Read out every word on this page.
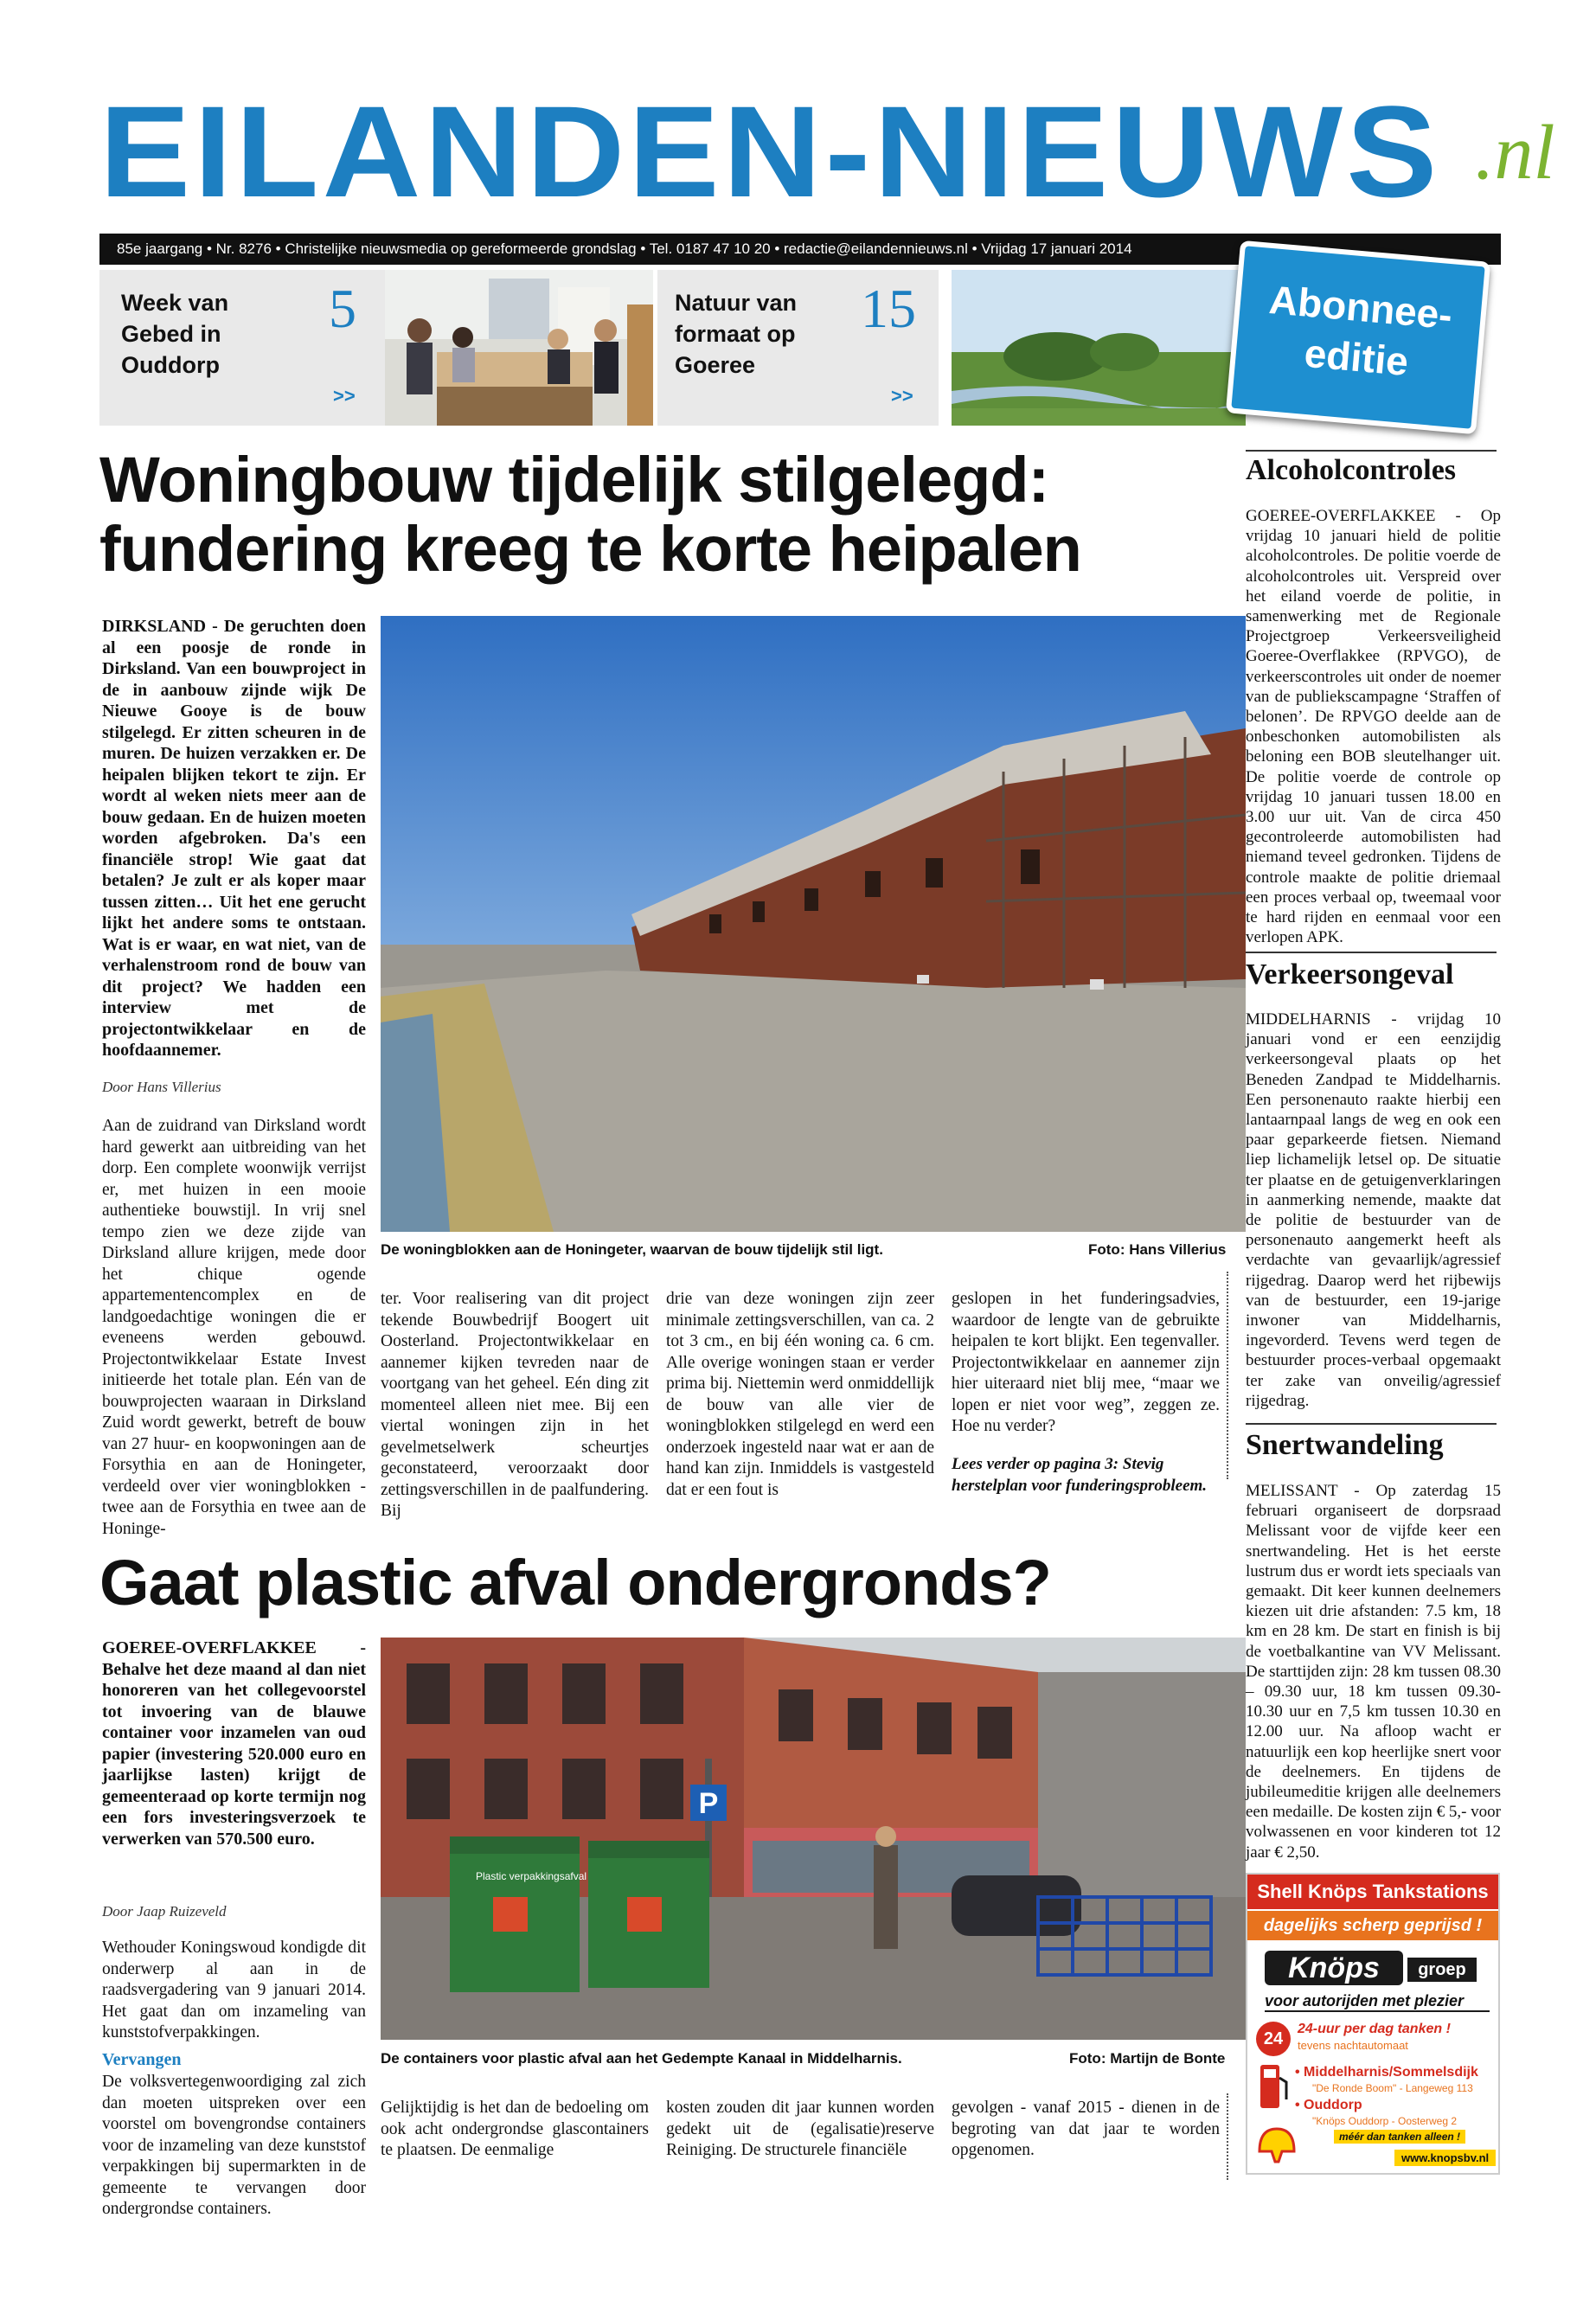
EILANDEN-NIEUWS .nl
85e jaargang • Nr. 8276 • Christelijke nieuwsmedia op gereformeerde grondslag • Tel. 0187 47 10 20 • redactie@eilandennieuws.nl • Vrijdag 17 januari 2014
Week van
Gebed in
Ouddorp
5
>>
Natuur van
formaat op
Goeree
15
>>
Abonnee-
editie
Woningbouw tijdelijk stilgelegd:
fundering kreeg te korte heipalen
DIRKSLAND - De geruchten doen al een poosje de ronde in Dirksland. Van een bouwproject in de in aanbouw zijnde wijk De Nieuwe Gooye is de bouw stilgelegd. Er zitten scheuren in de muren. De huizen verzakken er. De heipalen blijken tekort te zijn. Er wordt al weken niets meer aan de bouw gedaan. En de huizen moeten worden afgebroken. Da's een financiële strop! Wie gaat dat betalen? Je zult er als koper maar tussen zitten… Uit het ene gerucht lijkt het andere soms te ontstaan. Wat is er waar, en wat niet, van de verhalenstroom rond de bouw van dit project? We hadden een interview met de projectontwikkelaar en de hoofdaannemer.
Door Hans Villerius
Aan de zuidrand van Dirksland wordt hard gewerkt aan uitbreiding van het dorp. Een complete woonwijk verrijst er, met huizen in een mooie authentieke bouwstijl. In vrij snel tempo zien we deze zijde van Dirksland allure krijgen, mede door het chique ogende appartementencomplex en de landgoedachtige woningen die er eveneens werden gebouwd. Projectontwikkelaar Estate Invest initieerde het totale plan. Eén van de bouwprojecten waaraan in Dirksland Zuid wordt gewerkt, betreft de bouw van 27 huur- en koopwoningen aan de Forsythia en aan de Honingeter, verdeeld over vier woningblokken - twee aan de Forsythia en twee aan de Honinge-
De woningblokken aan de Honingeter, waarvan de bouw tijdelijk stil ligt.	Foto: Hans Villerius
ter. Voor realisering van dit project tekende Bouwbedrijf Boogert uit Oosterland. Projectontwikkelaar en aannemer kijken tevreden naar de voortgang van het geheel. Eén ding zit momenteel alleen niet mee. Bij een viertal woningen zijn in het gevelmetselwerk scheurtjes geconstateerd, veroorzaakt door zettingsverschillen in de paalfundering. Bij
drie van deze woningen zijn zeer minimale zettingsverschillen, van ca. 2 tot 3 cm., en bij één woning ca. 6 cm. Alle overige woningen staan er verder prima bij. Niettemin werd onmiddellijk de bouw van alle vier de woningblokken stilgelegd en werd een onderzoek ingesteld naar wat er aan de hand kan zijn. Inmiddels is vastgesteld dat er een fout is
geslopen in het funderingsadvies, waardoor de lengte van de gebruikte heipalen te kort blijkt. Een tegenvaller. Projectontwikkelaar en aannemer zijn hier uiteraard niet blij mee, “maar we lopen er niet voor weg”, zeggen ze. Hoe nu verder?
Lees verder op pagina 3: Stevig herstelplan voor funderingsprobleem.
Gaat plastic afval ondergronds?
GOEREE-OVERFLAKKEE - Behalve het deze maand al dan niet honoreren van het collegevoorstel tot invoering van de blauwe container voor inzamelen van oud papier (investering 520.000 euro en jaarlijkse lasten) krijgt de gemeenteraad op korte termijn nog een fors investeringsverzoek te verwerken van 570.500 euro.
Door Jaap Ruizeveld
Wethouder Koningswoud kondigde dit onderwerp al aan in de raadsvergadering van 9 januari 2014. Het gaat dan om inzameling van kunststofverpakkingen.
Vervangen
De volksvertegenwoordiging zal zich dan moeten uitspreken over een voorstel om bovengrondse containers voor de inzameling van deze kunststof verpakkingen bij supermarkten in de gemeente te vervangen door ondergrondse containers.
P
Plastic verpakkingsafval
De containers voor plastic afval aan het Gedempte Kanaal in Middelharnis.	Foto: Martijn de Bonte
Gelijktijdig is het dan de bedoeling om ook acht ondergrondse glascontainers te plaatsen. De eenmalige
kosten zouden dit jaar kunnen worden gedekt uit de (egalisatie)reserve Reiniging. De structurele financiële
gevolgen - vanaf 2015 - dienen in de begroting van dat jaar te worden opgenomen.
Alcoholcontroles
GOEREE-OVERFLAKKEE - Op vrijdag 10 januari hield de politie alcoholcontroles. De politie voerde de alcoholcontroles uit. Verspreid over het eiland voerde de politie, in samenwerking met de Regionale Projectgroep Verkeersveiligheid Goeree-Overflakkee (RPVGO), de verkeerscontroles uit onder de noemer van de publiekscampagne ‘Straffen of belonen’. De RPVGO deelde aan de onbeschonken automobilisten als beloning een BOB sleutelhanger uit. De politie voerde de controle op vrijdag 10 januari tussen 18.00 en 3.00 uur uit. Van de circa 450 gecontroleerde automobilisten had niemand teveel gedronken. Tijdens de controle maakte de politie driemaal een proces verbaal op, tweemaal voor te hard rijden en eenmaal voor een verlopen APK.
Verkeersongeval
MIDDELHARNIS - vrijdag 10 januari vond er een eenzijdig verkeersongeval plaats op het Beneden Zandpad te Middelharnis. Een personenauto raakte hierbij een lantaarnpaal langs de weg en ook een paar geparkeerde fietsen. Niemand liep lichamelijk letsel op. De situatie ter plaatse en de getuigenverklaringen in aanmerking nemende, maakte dat de politie de bestuurder van de personenauto aangemerkt heeft als verdachte van gevaarlijk/agressief rijgedrag. Daarop werd het rijbewijs van de bestuurder, een 19-jarige inwoner van Middelharnis, ingevorderd. Tevens werd tegen de bestuurder proces-verbaal opgemaakt ter zake van onveilig/agressief rijgedrag.
Snertwandeling
MELISSANT - Op zaterdag 15 februari organiseert de dorpsraad Melissant voor de vijfde keer een snertwandeling. Het is het eerste lustrum dus er wordt iets speciaals van gemaakt. Dit keer kunnen deelnemers kiezen uit drie afstanden: 7.5 km, 18 km en 28 km. De start en finish is bij de voetbalkantine van VV Melissant. De starttijden zijn: 28 km tussen 08.30 – 09.30 uur, 18 km tussen 09.30- 10.30 uur en 7,5 km tussen 10.30 en 12.00 uur. Na afloop wacht er natuurlijk een kop heerlijke snert voor de deelnemers. En tijdens de jubileumeditie krijgen alle deelnemers een medaille. De kosten zijn € 5,- voor volwassenen en voor kinderen tot 12 jaar € 2,50.
Shell Knöps Tankstations
dagelijks scherp geprijsd !
Knöps	groep
voor autorijden met plezier
24
24-uur per dag tanken !
tevens nachtautomaat
• Middelharnis/Sommelsdijk
"De Ronde Boom" - Langeweg 113
• Ouddorp
"Knöps Ouddorp - Oosterweg 2
méér dan tanken alleen !
www.knopsbv.nl
